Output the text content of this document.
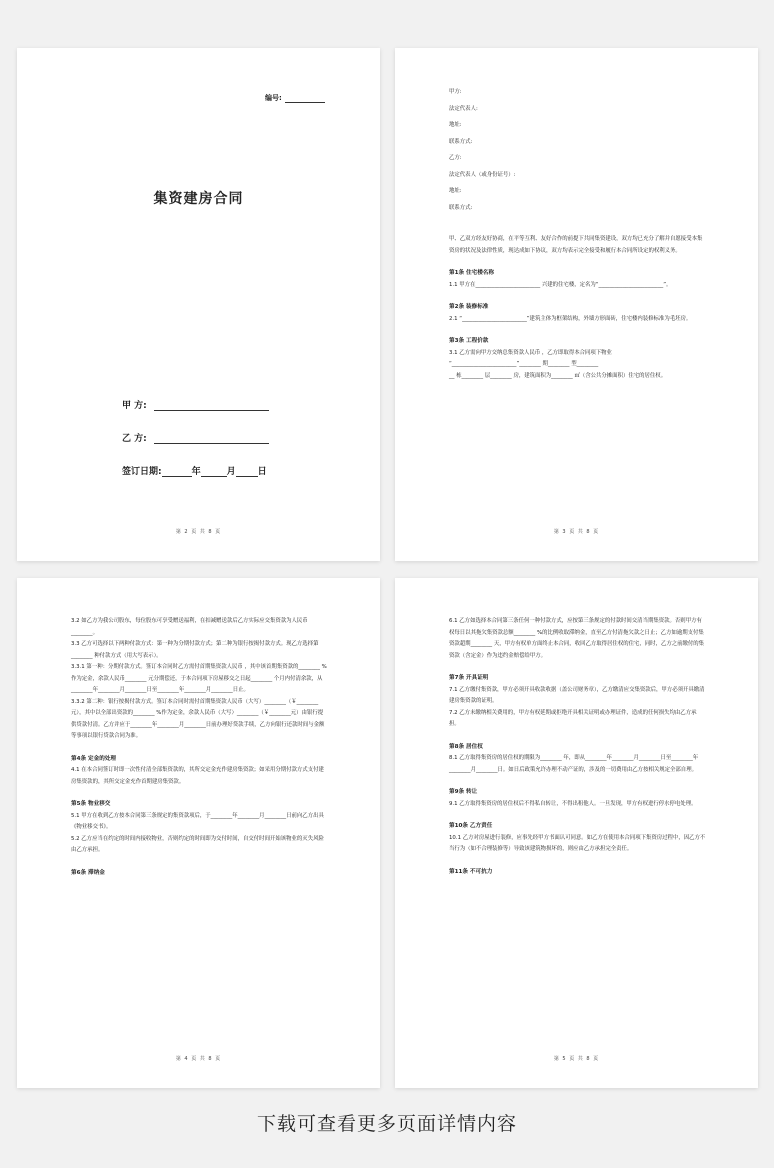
编号:
集资建房合同
甲 方:
乙 方:
签订日期:	年	月 日
第 2 页 共 8 页

甲方:

法定代表人:

地址:

联系方式:

乙方:

法定代表人（或身份证号）:

地址:

联系方式:

甲、乙双方经友好协商，在平等互利、友好合作的前提下共同集资建设，双方均已充分了解并自愿接受本集资房的状况及法律性质，现达成如下协议，双方均表示完全接受和履行本合同所设定的权利义务。

第1条 住宅楼名称

1.1 甲方在________________________ 兴建的住宅楼，定名为“________________________”。

第2条 装修标准

2.1 “________________________”建筑主体为框架结构，外墙方形面砖，住宅楼内装修标准为毛坯房。

第3条 工程价款

3.1 乙方需向甲方交纳总集资款人民币 ，乙方即取得本合同项下物业

“________________________”________ 期________ 型________

__ 栋________ 层________ 房，建筑面积为________ ㎡（含公共分摊面积）住宅的居住权。

第 3 页 共 8 页

3.2 如乙方为我公司股东，每位股东可享受赠送福利，在扣减赠送款后乙方实际应交集资款为人民币________。

3.3 乙方可选择以下两种付款方式：第一种为分期付款方式；第二种为银行按揭付款方式。现乙方选择第________ 种付款方式（用大写表示）。

3.3.1 第一种：分期付款方式。签订本合同时乙方需付首期集资款人民币 ，其中该首期集资款的________ %作为定金，余款人民币________ 元分期偿还，于本合同项下房屋移交之日起________ 个月内付清余款，从________年________月________日至________年________月________日止。

3.3.2 第二种：银行按揭付款方式。签订本合同时需付首期集资款人民币（大写）________（￥________元），其中以全部出资款的________ %作为定金，余款人民币（大写）________（￥________元）由银行提供贷款付清。乙方并应于________年________月________日前办理好贷款手续，乙方向银行还款时间与金额等事项以银行贷款合同为准。

第4条 定金的处理

4.1 在本合同签订时即一次性付清全部集资款的，其所交定金充作建房集资款；如采用分期付款方式支付建房集资款的，其所交定金充作首期建房集资款。

第5条 物业移交

5.1 甲方在收到乙方按本合同第三条规定的集资款项后，于________年________月________日前向乙方出具《物业移交书》。

5.2 乙方应当在约定的时间内接收物业，否则约定的时间即为交付时间，自交付时间开始该物业的灭失风险由乙方承担。

第6条 滞纳金

第 4 页 共 8 页

6.1 乙方如选择本合同第三条任何一种付款方式，应按第三条规定的付款时间交清当期集资款。否则甲方有权每日以其拖欠集资款总额________ %的比例收取滞纳金，直至乙方付清拖欠款之日止；乙方如逾期支付集资款超期________ 天，甲方有权单方面终止本合同，收回乙方取得居住权的住宅，同时，乙方之前缴付的集资款（含定金）作为违约金赔偿给甲方。

第7条 开具证明

7.1 乙方缴付集资款，甲方必须开具收款收据（盖公司财务章），乙方缴清应交集资款后，甲方必须开具缴清建房集资款的证明。

7.2 乙方未缴纳相关费用的，甲方有权延期或拒绝开具相关证明或办理证件，造成的任何损失均由乙方承担。

第8条 居住权

8.1 乙方取得集资房的居住权的期限为________ 年，即从________年________月________日至________年________月________日。如日后政策允许办理不动产证的，涉及的一切费用由乙方按相关规定全部自理。

第9条 转让

9.1 乙方取得集资房的居住权后不得私自转让，不得出租他人。一旦发现，甲方有权进行停水停电处理。

第10条 乙方责任

10.1 乙方对房屋进行装修，应事先经甲方书面认可同意。如乙方在使用本合同项下集资房过程中，因乙方不当行为（如不合理装修等）导致该建筑物损坏的，则应由乙方承担完全责任。

第11条 不可抗力

第 5 页 共 8 页
下载可查看更多页面详情内容
